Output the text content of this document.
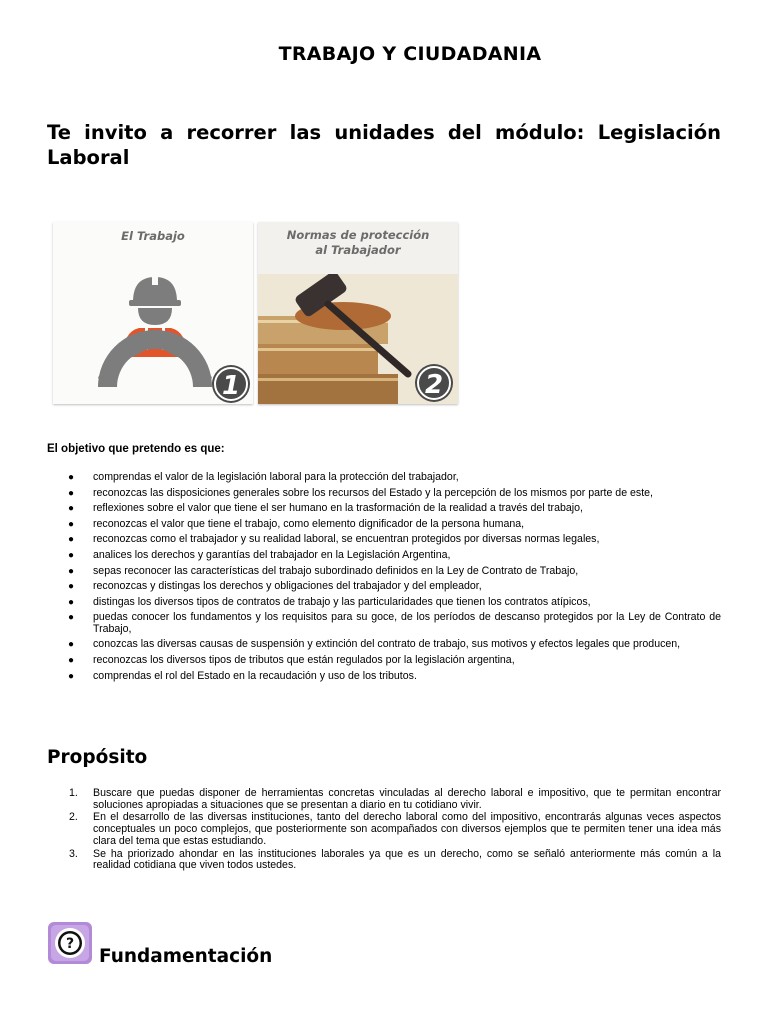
TRABAJO Y CIUDADANIA
Te invito a recorrer las unidades del módulo: Legislación Laboral
El Trabajo
1
Normas de protección
al Trabajador
2
El objetivo que pretendo es que:
● comprendas el valor de la legislación laboral para la protección del trabajador,
● reconozcas las disposiciones generales sobre los recursos del Estado y la percepción de los mismos por parte de este,
● reflexiones sobre el valor que tiene el ser humano en la trasformación de la realidad a través del trabajo,
● reconozcas el valor que tiene el trabajo, como elemento dignificador de la persona humana,
● reconozcas como el trabajador y su realidad laboral, se encuentran protegidos por diversas normas legales,
● analices los derechos y garantías del trabajador en la Legislación Argentina,
● sepas reconocer las características del trabajo subordinado definidos en la Ley de Contrato de Trabajo,
● reconozcas y distingas los derechos y obligaciones del trabajador y del empleador,
● distingas los diversos tipos de contratos de trabajo y las particularidades que tienen los contratos atípicos,
● puedas conocer los fundamentos y los requisitos para su goce, de los períodos de descanso protegidos por la Ley de Contrato de Trabajo,
● conozcas las diversas causas de suspensión y extinción del contrato de trabajo, sus motivos y efectos legales que producen,
● reconozcas los diversos tipos de tributos que están regulados por la legislación argentina,
● comprendas el rol del Estado en la recaudación y uso de los tributos.
Propósito
1. Buscare que puedas disponer de herramientas concretas vinculadas al derecho laboral e impositivo, que te permitan encontrar soluciones apropiadas a situaciones que se presentan a diario en tu cotidiano vivir.
2. En el desarrollo de las diversas instituciones, tanto del derecho laboral como del impositivo, encontrarás algunas veces aspectos conceptuales un poco complejos, que posteriormente son acompañados con diversos ejemplos que te permiten tener una idea más clara del tema que estas estudiando.
3. Se ha priorizado ahondar en las instituciones laborales ya que es un derecho, como se señaló anteriormente más común a la realidad cotidiana que viven todos ustedes.
?
Fundamentación
